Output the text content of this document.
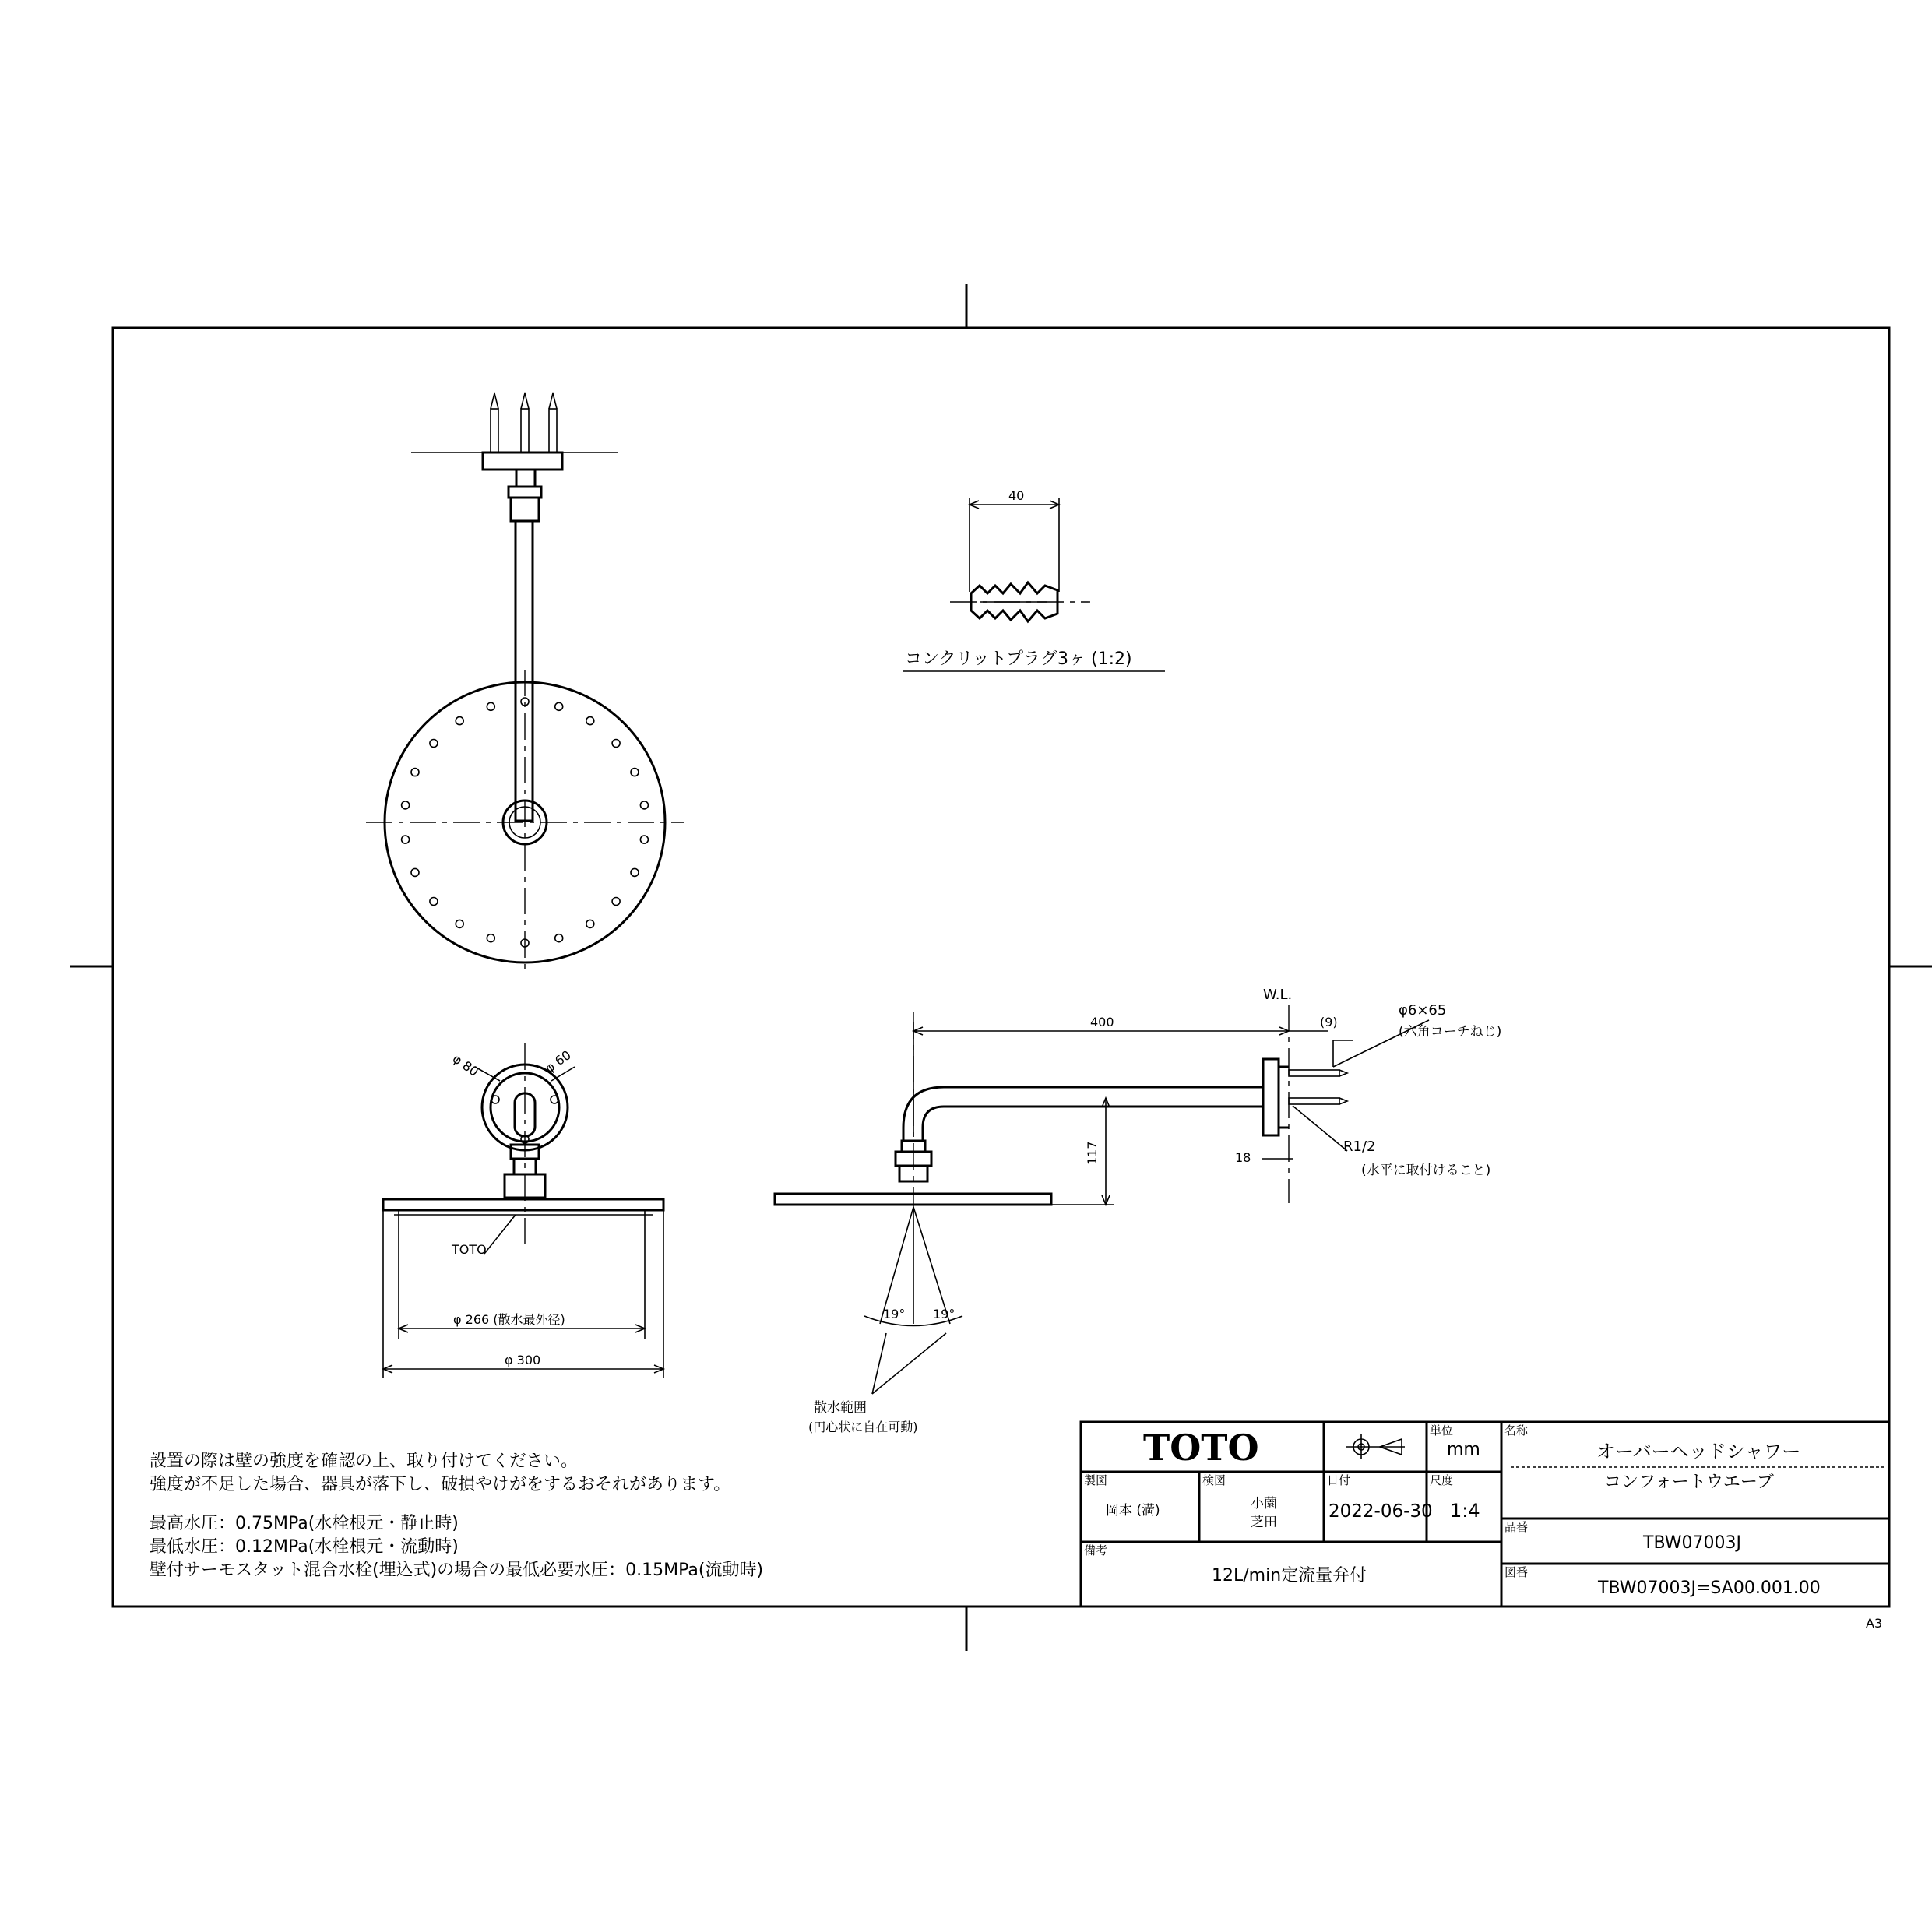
A3
40
コンクリットプラグ3ヶ (1:2)
φ 80	φ 60
TOTO
φ 266 (散水最外径)
φ 300
W.L.
400	(9)
φ6×65
(六角コーチねじ)
117	18
R1/2
(水平に取付けること)
19° 19°
散水範囲
(円心状に自在可動)	TOTO	単位
mm
名称
オーバーヘッドシャワー
コンフォートウエーブ
製図
岡本 (満)
検図
小薗
芝田
日付
2022-06-30
尺度
1:4
備考
12L/min定流量弁付
品番
TBW07003J
図番
TBW07003J=SA00.001.00
設置の際は壁の強度を確認の上、取り付けてください。
強度が不足した場合、器具が落下し、破損やけがをするおそれがあります。
最高水圧：0.75MPa(水栓根元・静止時)
最低水圧：0.12MPa(水栓根元・流動時)
壁付サーモスタット混合水栓(埋込式)の場合の最低必要水圧：0.15MPa(流動時)
